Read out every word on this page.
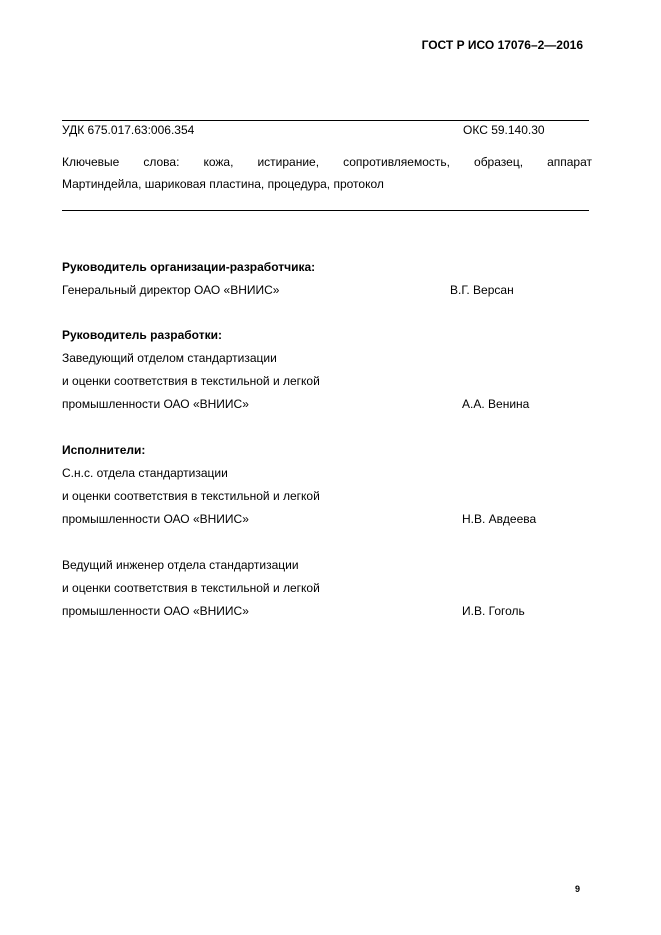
ГОСТ Р ИСО 17076–2—2016
УДК 675.017.63:006.354	ОКС 59.140.30
Ключевые слова: кожа, истирание, сопротивляемость, образец, аппарат
Мартиндейла, шариковая пластина, процедура, протокол
Руководитель организации-разработчика:
Генеральный директор ОАО «ВНИИС»	В.Г. Версан
Руководитель разработки:
Заведующий отделом стандартизации
и оценки соответствия в текстильной и легкой
промышленности ОАО «ВНИИС»	А.А. Венина
Исполнители:
С.н.с. отдела стандартизации
и оценки соответствия в текстильной и легкой
промышленности ОАО «ВНИИС»	Н.В. Авдеева
Ведущий инженер отдела стандартизации
и оценки соответствия в текстильной и легкой
промышленности ОАО «ВНИИС»	И.В. Гоголь
9
